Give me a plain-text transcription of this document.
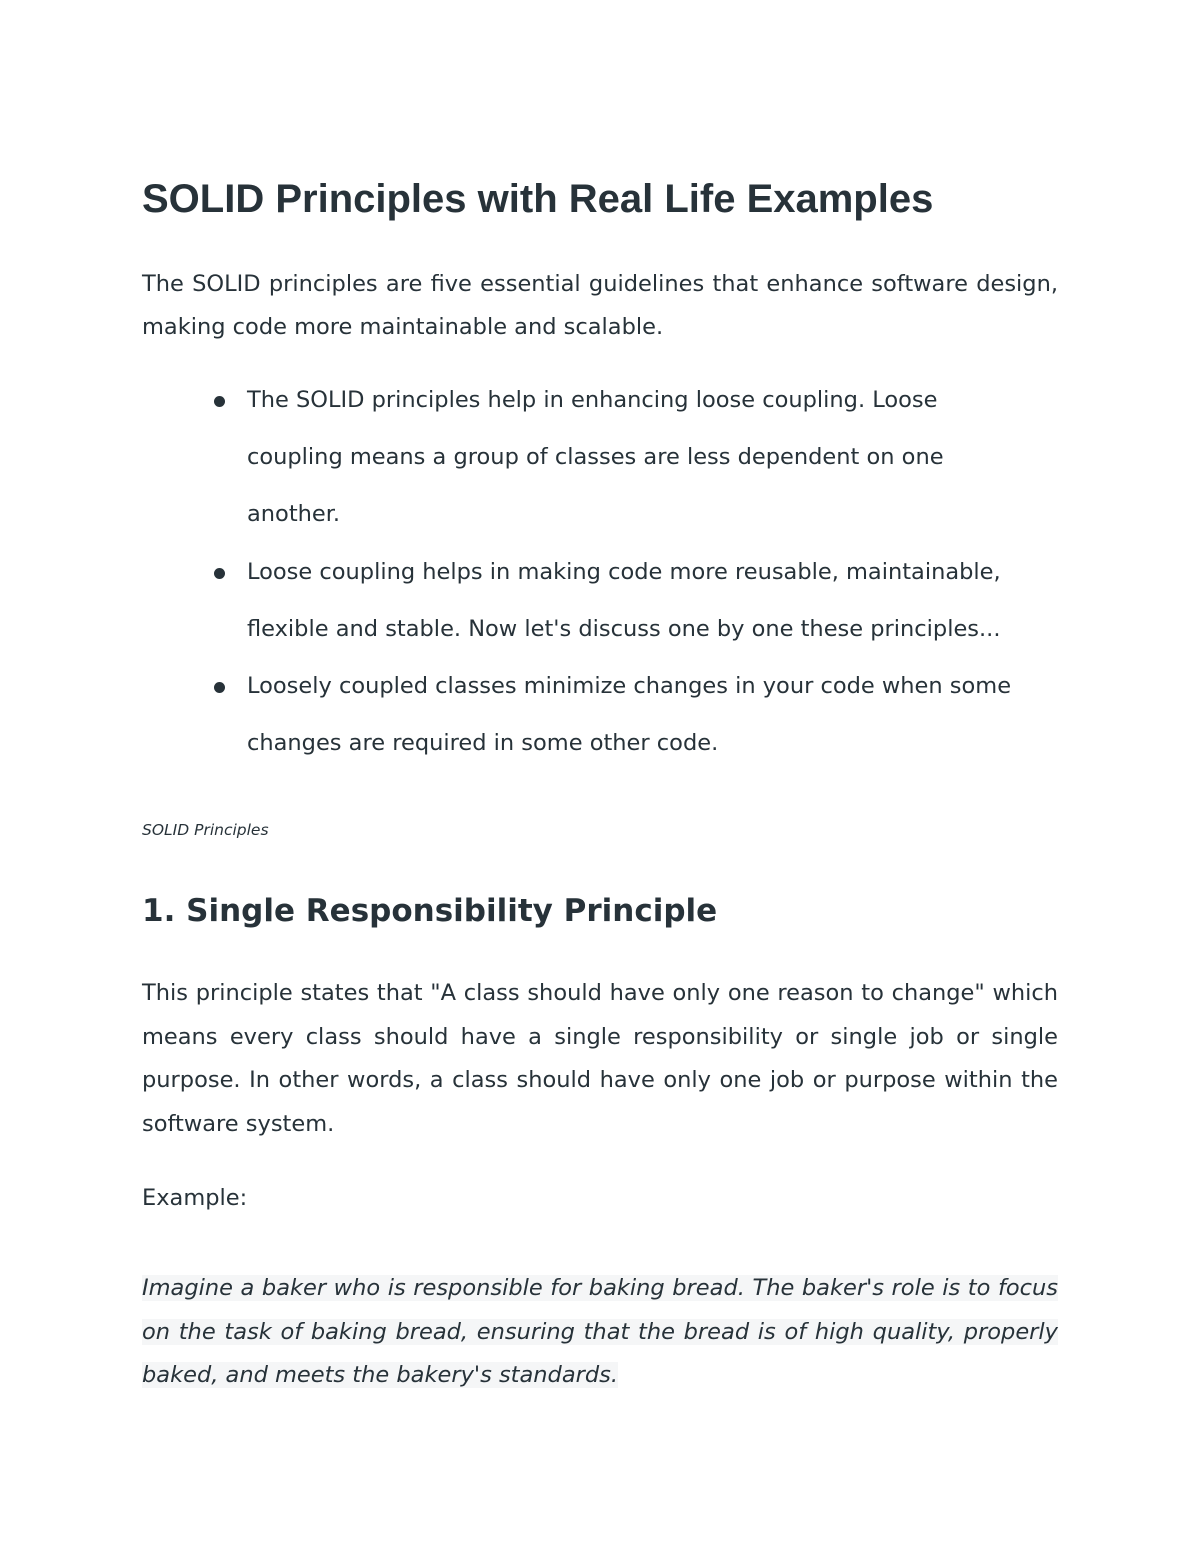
SOLID Principles with Real Life Examples

The SOLID principles are five essential guidelines that enhance software design, making code more maintainable and scalable.

The SOLID principles help in enhancing loose coupling. Loose coupling means a group of classes are less dependent on one another.
Loose coupling helps in making code more reusable, maintainable, flexible and stable. Now let's discuss one by one these principles...
Loosely coupled classes minimize changes in your code when some changes are required in some other code.

SOLID Principles

1. Single Responsibility Principle

This principle states that "A class should have only one reason to change" which means every class should have a single responsibility or single job or single purpose. In other words, a class should have only one job or purpose within the software system.

Example:

Imagine a baker who is responsible for baking bread. The baker's role is to focus on the task of baking bread, ensuring that the bread is of high quality, properly baked, and meets the bakery's standards.
